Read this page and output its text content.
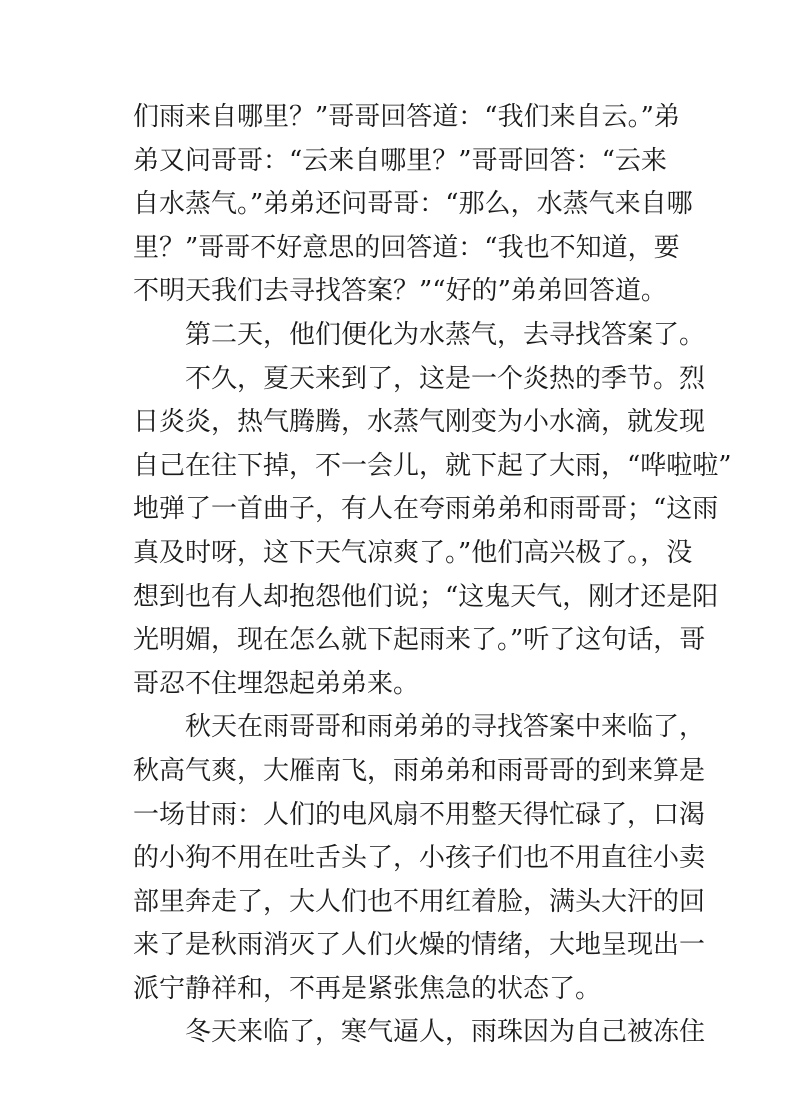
们雨来自哪里？”哥哥回答道：“我们来自云。”弟
弟又问哥哥：“云来自哪里？”哥哥回答：“云来
自水蒸气。”弟弟还问哥哥：“那么，水蒸气来自哪
里？”哥哥不好意思的回答道：“我也不知道，要
不明天我们去寻找答案？”“好的”弟弟回答道。
第二天，他们便化为水蒸气，去寻找答案了。
不久，夏天来到了，这是一个炎热的季节。烈
日炎炎，热气腾腾，水蒸气刚变为小水滴，就发现
自己在往下掉，不一会儿，就下起了大雨，“哗啦啦”
地弹了一首曲子，有人在夸雨弟弟和雨哥哥；“这雨
真及时呀，这下天气凉爽了。”他们高兴极了。，没
想到也有人却抱怨他们说；“这鬼天气，刚才还是阳
光明媚，现在怎么就下起雨来了。”听了这句话，哥
哥忍不住埋怨起弟弟来。
秋天在雨哥哥和雨弟弟的寻找答案中来临了，
秋高气爽，大雁南飞，雨弟弟和雨哥哥的到来算是
一场甘雨：人们的电风扇不用整天得忙碌了，口渴
的小狗不用在吐舌头了，小孩子们也不用直往小卖
部里奔走了，大人们也不用红着脸，满头大汗的回
来了是秋雨消灭了人们火燥的情绪，大地呈现出一
派宁静祥和，不再是紧张焦急的状态了。
冬天来临了，寒气逼人，雨珠因为自己被冻住
